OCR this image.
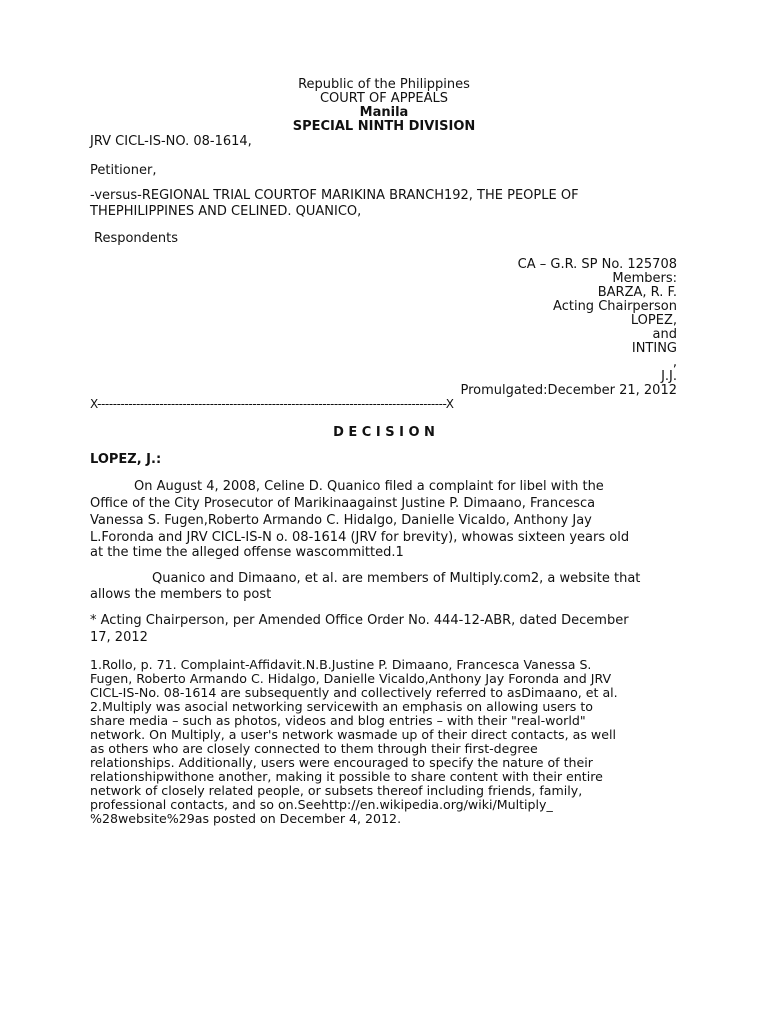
Republic of the Philippines
COURT OF APPEALS
Manila
SPECIAL NINTH DIVISION
JRV CICL-IS-NO. 08-1614,
Petitioner,
-versus-REGIONAL TRIAL COURTOF MARIKINA BRANCH192, THE PEOPLE OF
THEPHILIPPINES AND CELINED. QUANICO,
Respondents
CA – G.R. SP No. 125708
Members:
BARZA, R. F.
Acting Chairperson
LOPEZ,
and
INTING
,
J.J.
Promulgated:December 21, 2012
X------------------------------------------------------------------------------------------X
D E C I S I O N
LOPEZ, J.:
On August 4, 2008, Celine D. Quanico filed a complaint for libel with the
Office of the City Prosecutor of Marikinaagainst Justine P. Dimaano, Francesca
Vanessa S. Fugen,Roberto Armando C. Hidalgo, Danielle Vicaldo, Anthony Jay
L.Foronda and JRV CICL-IS-N o. 08-1614 (JRV for brevity), whowas sixteen years old
at the time the alleged offense wascommitted.1
Quanico and Dimaano, et al. are members of Multiply.com2, a website that
allows the members to post
* Acting Chairperson, per Amended Office Order No. 444-12-ABR, dated December
17, 2012
1.Rollo, p. 71. Complaint-Affidavit.N.B.Justine P. Dimaano, Francesca Vanessa S.
Fugen, Roberto Armando C. Hidalgo, Danielle Vicaldo,Anthony Jay Foronda and JRV
CICL-IS-No. 08-1614 are subsequently and collectively referred to asDimaano, et al.
2.Multiply was asocial networking servicewith an emphasis on allowing users to
share media – such as photos, videos and blog entries – with their "real-world"
network. On Multiply, a user's network wasmade up of their direct contacts, as well
as others who are closely connected to them through their first-degree
relationships. Additionally, users were encouraged to specify the nature of their
relationshipwithone another, making it possible to share content with their entire
network of closely related people, or subsets thereof including friends, family,
professional contacts, and so on.Seehttp://en.wikipedia.org/wiki/Multiply_
%28website%29as posted on December 4, 2012.
